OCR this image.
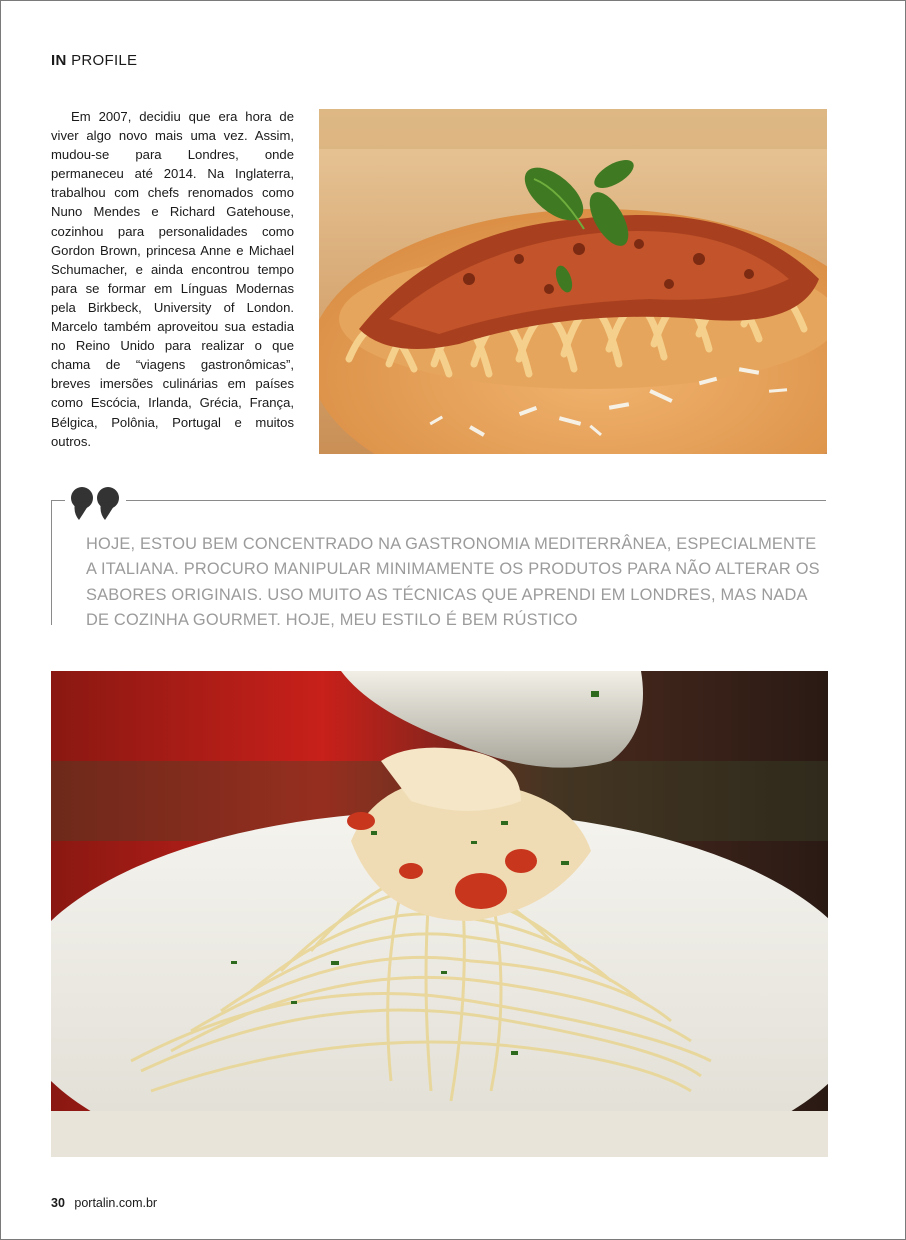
IN PROFILE

Em 2007, decidiu que era hora de viver algo novo mais uma vez. Assim, mudou-se para Londres, onde permaneceu até 2014. Na Inglaterra, trabalhou com chefs renomados como Nuno Mendes e Richard Gatehouse, cozinhou para personalidades como Gordon Brown, princesa Anne e Michael Schumacher, e ainda encontrou tempo para se formar em Línguas Modernas pela Birkbeck, University of London. Marcelo também aproveitou sua estadia no Reino Unido para realizar o que chama de “viagens gastronômicas”, breves imersões culinárias em países como Escócia, Irlanda, Grécia, França, Bélgica, Polônia, Portugal e muitos outros.

HOJE, ESTOU BEM CONCENTRADO NA GASTRONOMIA MEDITERRÂNEA, ESPECIALMENTE A ITALIANA. PROCURO MANIPULAR MINIMAMENTE OS PRODUTOS PARA NÃO ALTERAR OS SABORES ORIGINAIS. USO MUITO AS TÉCNICAS QUE APRENDI EM LONDRES, MAS NADA DE COZINHA GOURMET. HOJE, MEU ESTILO É BEM RÚSTICO

30 portalin.com.br
